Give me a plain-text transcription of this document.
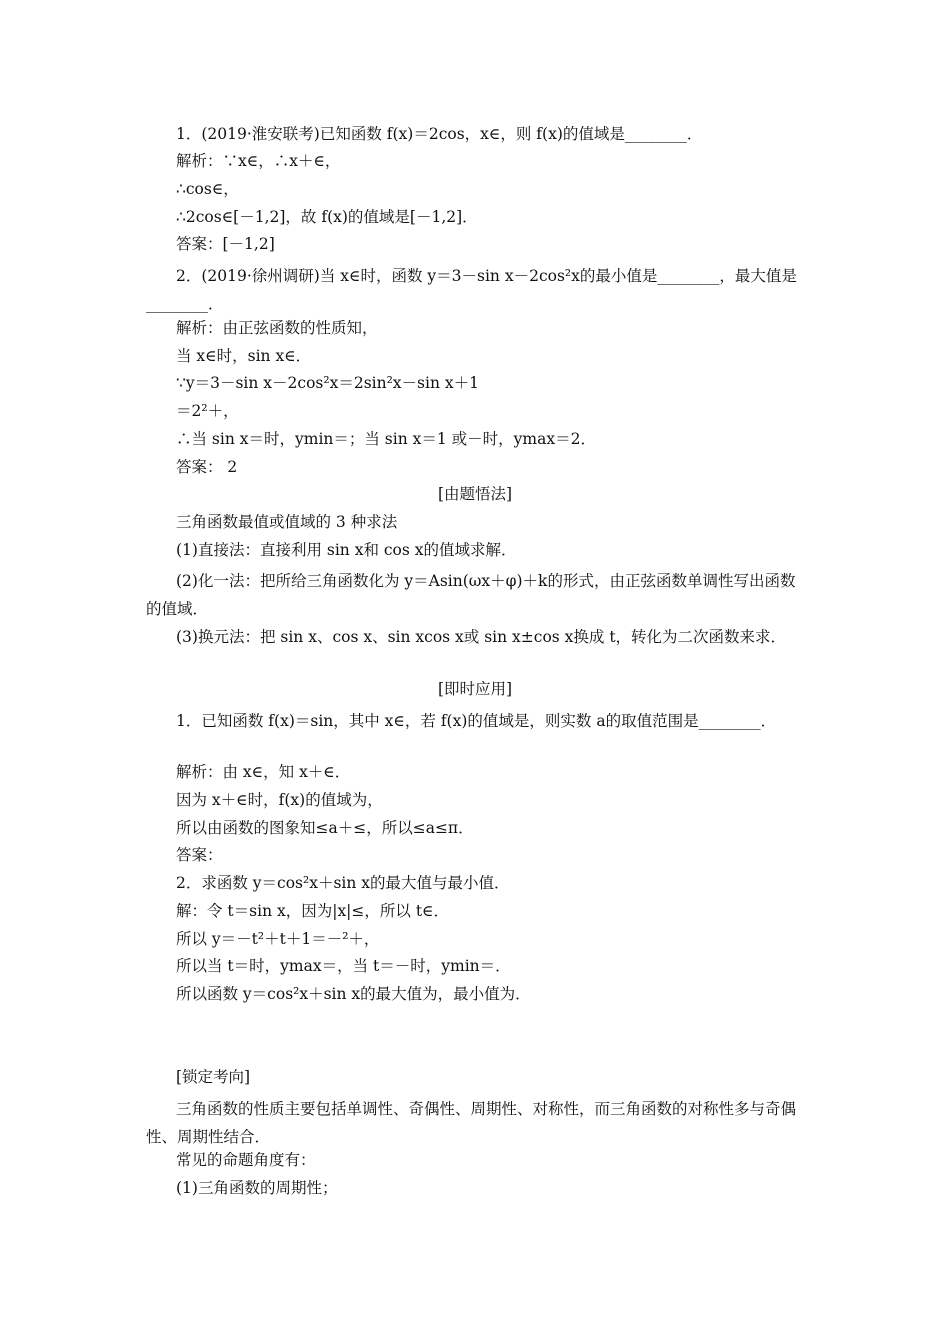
1．(2019·淮安联考)已知函数 f(x)＝2cos，x∈，则 f(x)的值域是________．
解析：∵x∈，∴x＋∈，
∴cos∈，
∴2cos∈[－1,2]，故 f(x)的值域是[－1,2]．
答案：[－1,2]
2．(2019·徐州调研)当 x∈时，函数 y＝3－sin x－2cos²x的最小值是________，最大值是________．
解析：由正弦函数的性质知，
当 x∈时，sin x∈．
∵y＝3－sin x－2cos²x＝2sin²x－sin x＋1
＝2²＋，
∴当 sin x＝时，ymin＝；当 sin x＝1 或－时，ymax＝2．
答案： 2
[由题悟法]
三角函数最值或值域的 3 种求法
(1)直接法：直接利用 sin x和 cos x的值域求解．
(2)化一法：把所给三角函数化为 y＝Asin(ωx＋φ)＋k的形式，由正弦函数单调性写出函数的值域．
(3)换元法：把 sin x、cos x、sin xcos x或 sin x±cos x换成 t，转化为二次函数来求．
[即时应用]
1．已知函数 f(x)＝sin，其中 x∈，若 f(x)的值域是，则实数 a的取值范围是________．
解析：由 x∈，知 x＋∈．
因为 x＋∈时，f(x)的值域为，
所以由函数的图象知≤a＋≤，所以≤a≤π．
答案：
2．求函数 y＝cos²x＋sin x的最大值与最小值．
解：令 t＝sin x，因为|x|≤，所以 t∈．
所以 y＝－t²＋t＋1＝－²＋，
所以当 t＝时，ymax＝，当 t＝－时，ymin＝．
所以函数 y＝cos²x＋sin x的最大值为，最小值为．
[锁定考向]
三角函数的性质主要包括单调性、奇偶性、周期性、对称性，而三角函数的对称性多与奇偶性、周期性结合．
常见的命题角度有：
(1)三角函数的周期性；
